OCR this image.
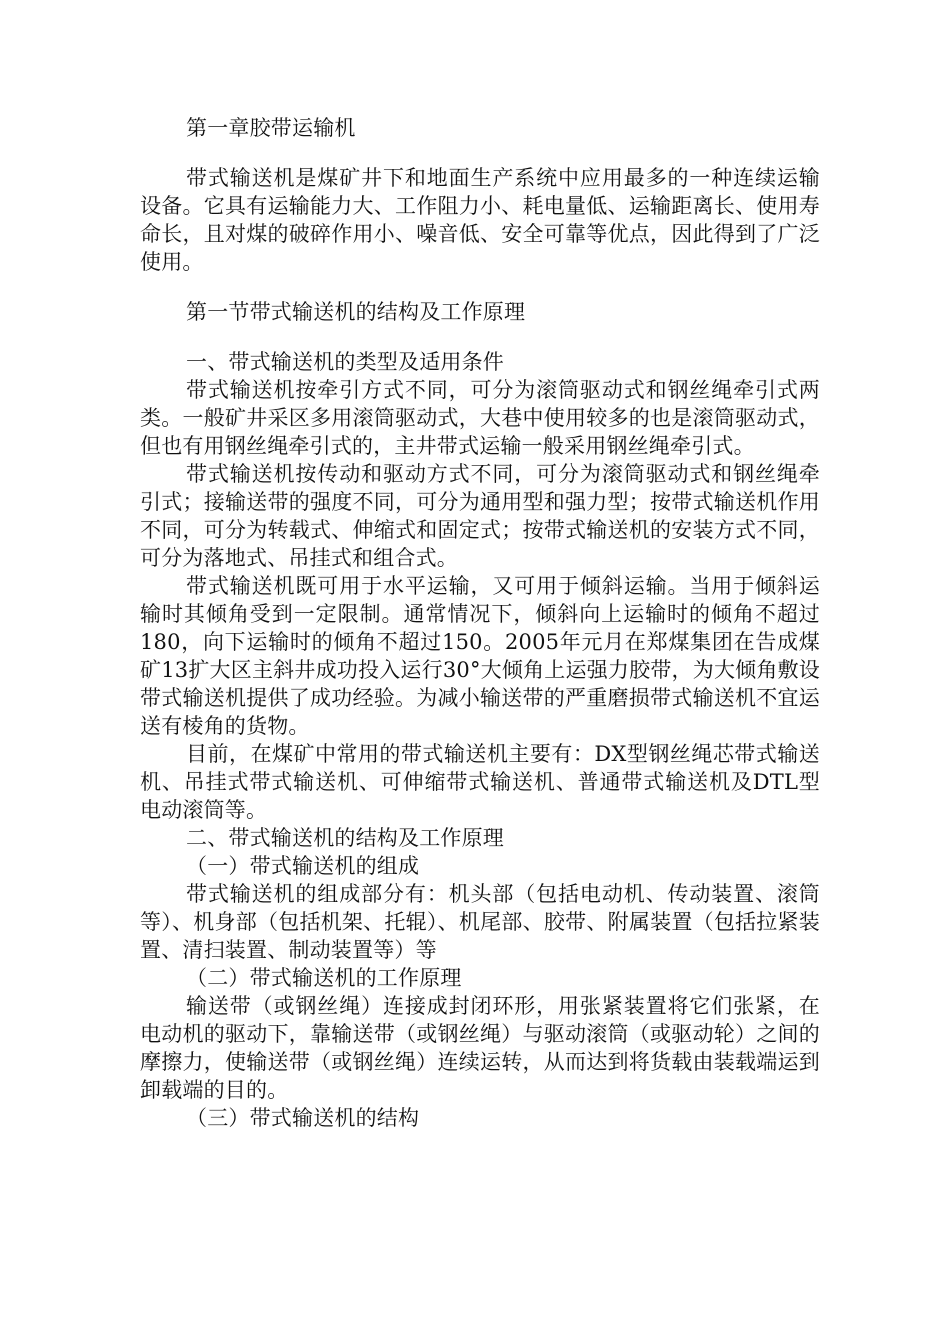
第一章胶带运输机

带式输送机是煤矿井下和地面生产系统中应用最多的一种连续运输设备。它具有运输能力大、工作阻力小、耗电量低、运输距离长、使用寿命长，且对煤的破碎作用小、噪音低、安全可靠等优点，因此得到了广泛使用。

第一节带式输送机的结构及工作原理

一、带式输送机的类型及适用条件

带式输送机按牵引方式不同，可分为滚筒驱动式和钢丝绳牵引式两类。一般矿井采区多用滚筒驱动式，大巷中使用较多的也是滚筒驱动式，但也有用钢丝绳牵引式的，主井带式运输一般采用钢丝绳牵引式。

带式输送机按传动和驱动方式不同，可分为滚筒驱动式和钢丝绳牵引式；接输送带的强度不同，可分为通用型和强力型；按带式输送机作用不同，可分为转载式、伸缩式和固定式；按带式输送机的安装方式不同，可分为落地式、吊挂式和组合式。

带式输送机既可用于水平运输，又可用于倾斜运输。当用于倾斜运输时其倾角受到一定限制。通常情况下，倾斜向上运输时的倾角不超过180，向下运输时的倾角不超过150。2005年元月在郑煤集团在告成煤矿13扩大区主斜井成功投入运行30°大倾角上运强力胶带，为大倾角敷设带式输送机提供了成功经验。为减小输送带的严重磨损带式输送机不宜运送有棱角的货物。

目前，在煤矿中常用的带式输送机主要有：DX型钢丝绳芯带式输送机、吊挂式带式输送机、可伸缩带式输送机、普通带式输送机及DTL型电动滚筒等。

二、带式输送机的结构及工作原理

（一）带式输送机的组成

带式输送机的组成部分有：机头部（包括电动机、传动装置、滚筒等）、机身部（包括机架、托辊）、机尾部、胶带、附属装置（包括拉紧装置、清扫装置、制动装置等）等

（二）带式输送机的工作原理

输送带（或钢丝绳）连接成封闭环形，用张紧装置将它们张紧，在电动机的驱动下，靠输送带（或钢丝绳）与驱动滚筒（或驱动轮）之间的摩擦力，使输送带（或钢丝绳）连续运转，从而达到将货载由装载端运到卸载端的目的。

（三）带式输送机的结构
